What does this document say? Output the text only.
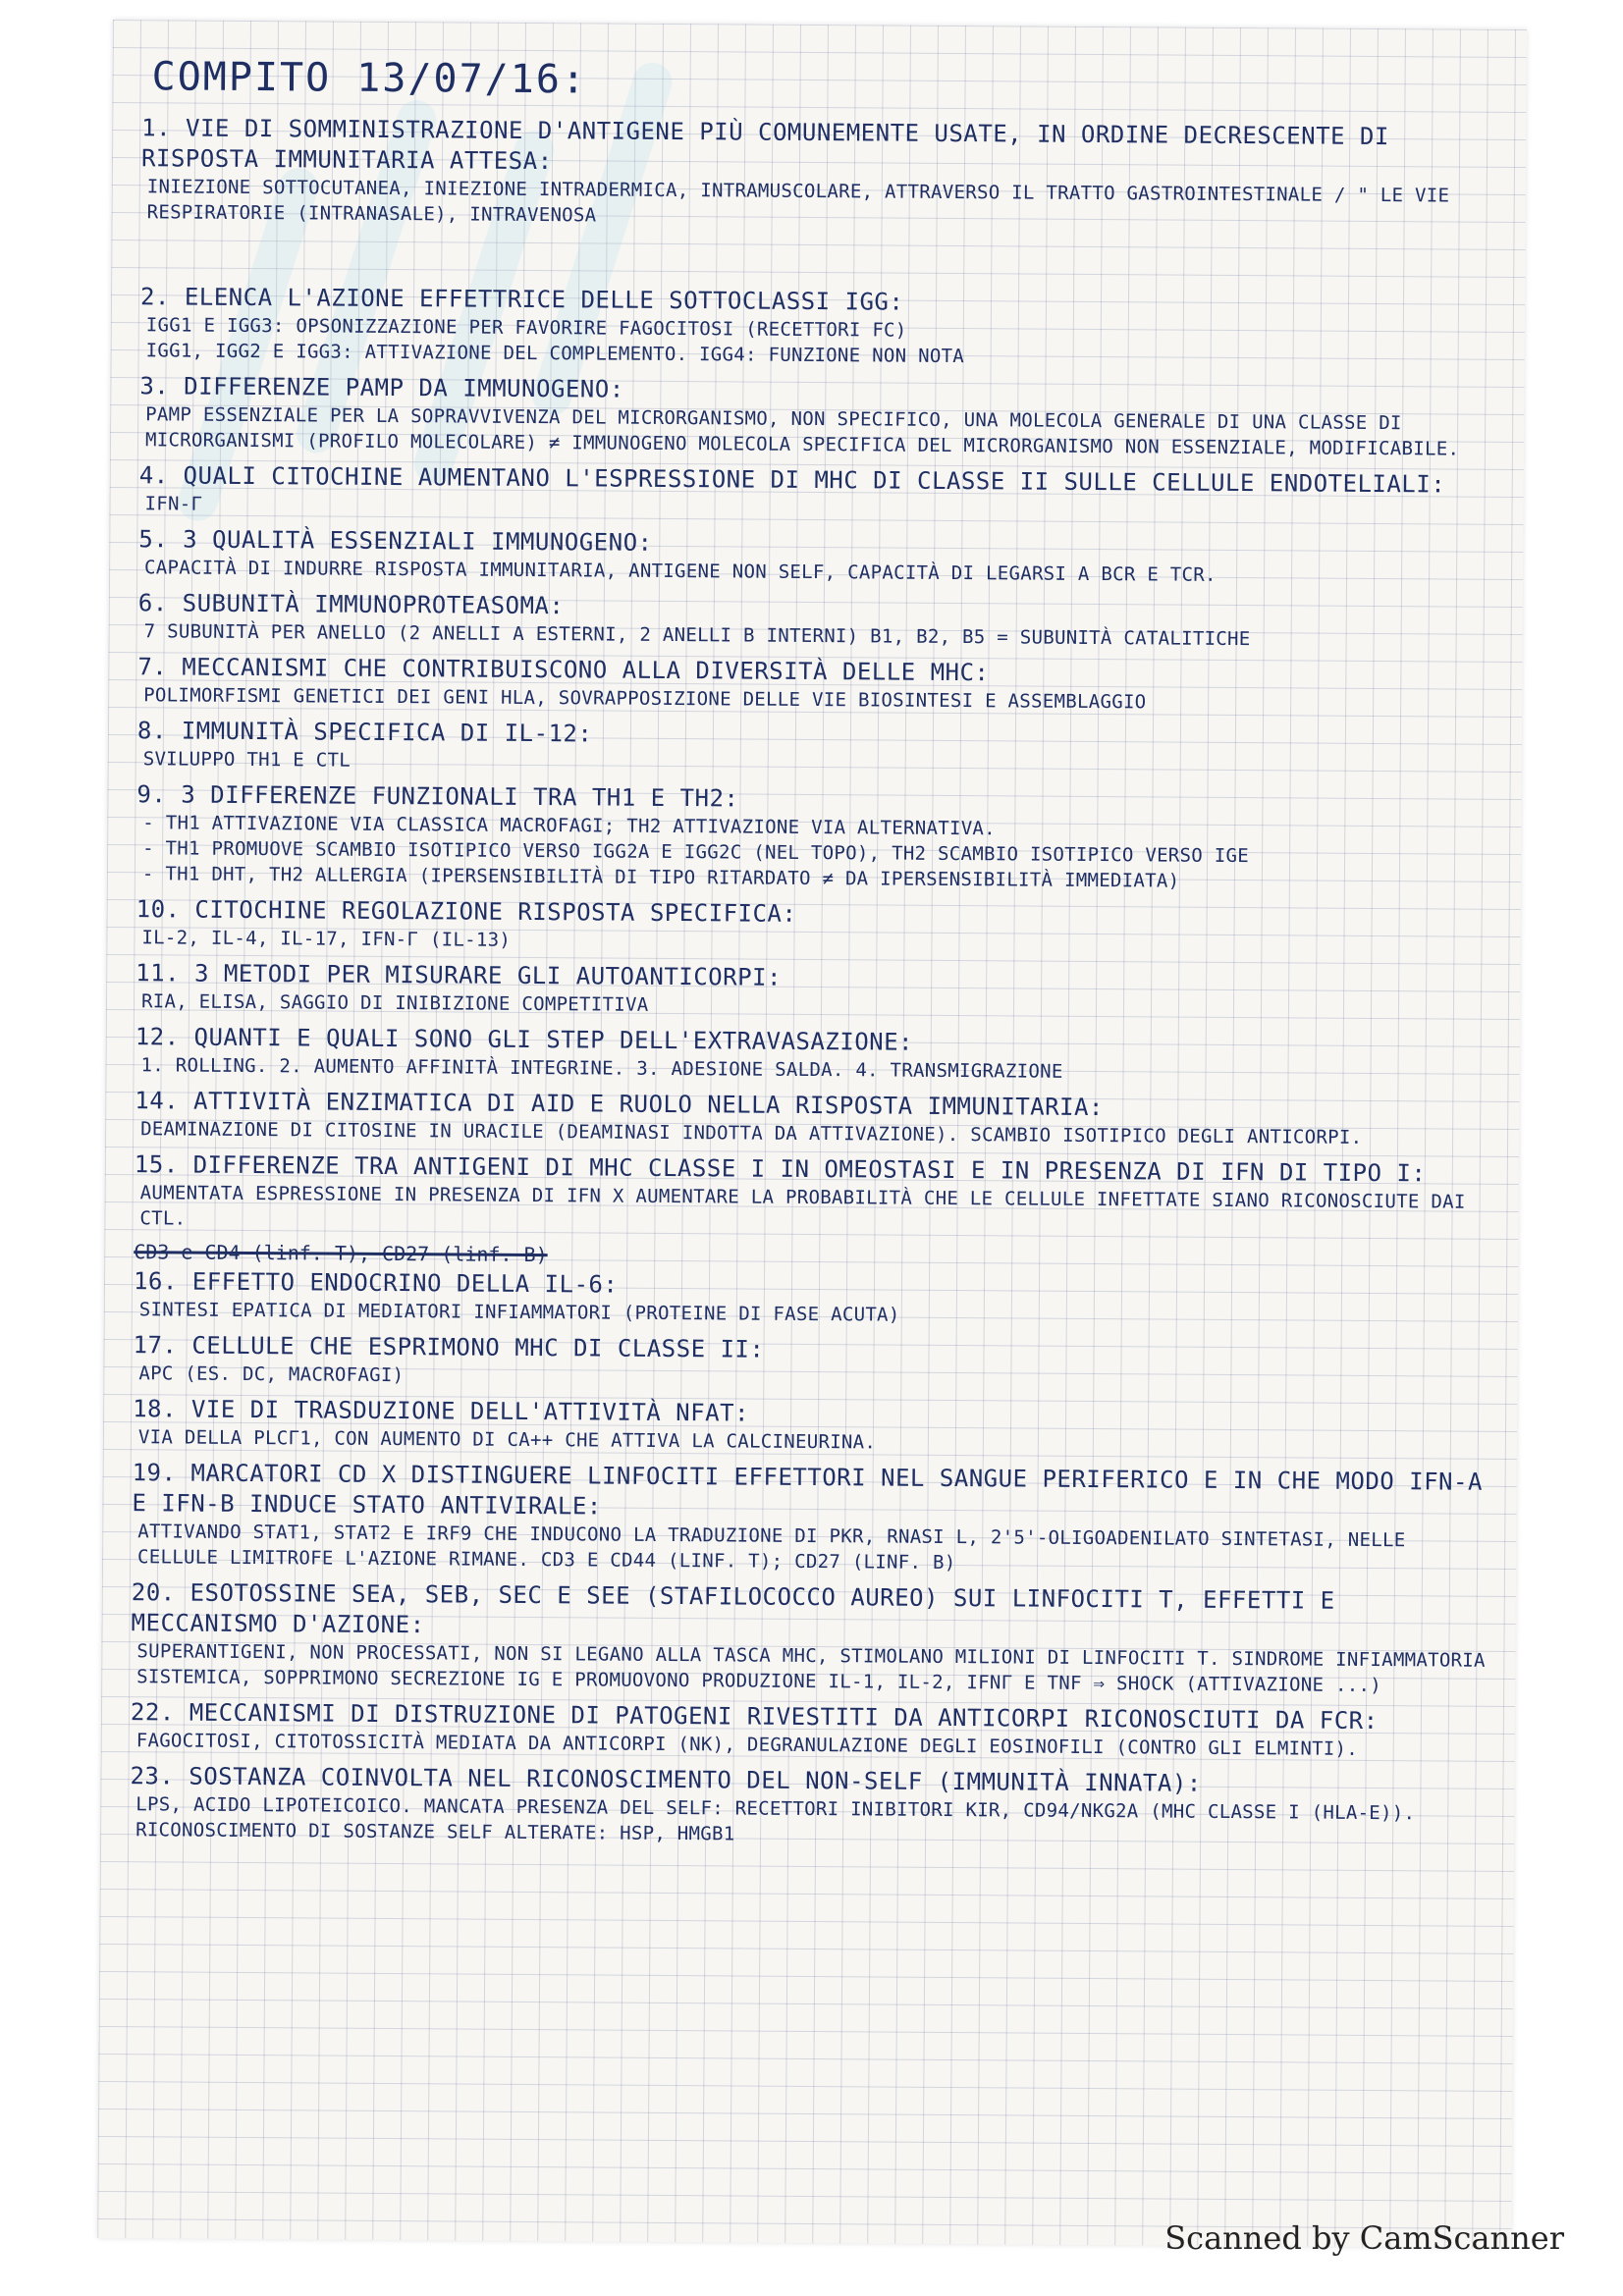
COMPITO 13/07/16:

1. VIE DI SOMMINISTRAZIONE D'ANTIGENE PIÙ COMUNEMENTE USATE, IN ORDINE DECRESCENTE DI RISPOSTA IMMUNITARIA ATTESA:

INIEZIONE SOTTOCUTANEA, INIEZIONE INTRADERMICA, INTRAMUSCOLARE, ATTRAVERSO IL TRATTO GASTROINTESTINALE / " LE VIE RESPIRATORIE (INTRANASALE), INTRAVENOSA

2. ELENCA L'AZIONE EFFETTRICE DELLE SOTTOCLASSI IGG:

IGG1 E IGG3: OPSONIZZAZIONE PER FAVORIRE FAGOCITOSI (RECETTORI FC)
IGG1, IGG2 E IGG3: ATTIVAZIONE DEL COMPLEMENTO. IGG4: FUNZIONE NON NOTA

3. DIFFERENZE PAMP DA IMMUNOGENO:

PAMP ESSENZIALE PER LA SOPRAVVIVENZA DEL MICRORGANISMO, NON SPECIFICO, UNA MOLECOLA GENERALE DI UNA CLASSE DI MICRORGANISMI (PROFILO MOLECOLARE) ≠ IMMUNOGENO MOLECOLA SPECIFICA DEL MICRORGANISMO NON ESSENZIALE, MODIFICABILE.

4. QUALI CITOCHINE AUMENTANO L'ESPRESSIONE DI MHC DI CLASSE II SULLE CELLULE ENDOTELIALI:

IFN-Γ

5. 3 QUALITÀ ESSENZIALI IMMUNOGENO:

CAPACITÀ DI INDURRE RISPOSTA IMMUNITARIA, ANTIGENE NON SELF, CAPACITÀ DI LEGARSI A BCR E TCR.

6. SUBUNITÀ IMMUNOPROTEASOMA:

7 SUBUNITÀ PER ANELLO (2 ANELLI Α ESTERNI, 2 ANELLI Β INTERNI) Β1, Β2, Β5 = SUBUNITÀ CATALITICHE

7. MECCANISMI CHE CONTRIBUISCONO ALLA DIVERSITÀ DELLE MHC:

POLIMORFISMI GENETICI DEI GENI HLA, SOVRAPPOSIZIONE DELLE VIE BIOSINTESI E ASSEMBLAGGIO

8. IMMUNITÀ SPECIFICA DI IL-12:

SVILUPPO TH1 E CTL

9. 3 DIFFERENZE FUNZIONALI TRA TH1 E TH2:

- TH1 ATTIVAZIONE VIA CLASSICA MACROFAGI; TH2 ATTIVAZIONE VIA ALTERNATIVA.
- TH1 PROMUOVE SCAMBIO ISOTIPICO VERSO IGG2A E IGG2C (NEL TOPO), TH2 SCAMBIO ISOTIPICO VERSO IGE
- TH1 DHT, TH2 ALLERGIA (IPERSENSIBILITÀ DI TIPO RITARDATO ≠ DA IPERSENSIBILITÀ IMMEDIATA)

10. CITOCHINE REGOLAZIONE RISPOSTA SPECIFICA:

IL-2, IL-4, IL-17, IFN-Γ (IL-13)

11. 3 METODI PER MISURARE GLI AUTOANTICORPI:

RIA, ELISA, SAGGIO DI INIBIZIONE COMPETITIVA

12. QUANTI E QUALI SONO GLI STEP DELL'EXTRAVASAZIONE:

1. ROLLING. 2. AUMENTO AFFINITÀ INTEGRINE. 3. ADESIONE SALDA. 4. TRANSMIGRAZIONE

14. ATTIVITÀ ENZIMATICA DI AID E RUOLO NELLA RISPOSTA IMMUNITARIA:

DEAMINAZIONE DI CITOSINE IN URACILE (DEAMINASI INDOTTA DA ATTIVAZIONE). SCAMBIO ISOTIPICO DEGLI ANTICORPI.

15. DIFFERENZE TRA ANTIGENI DI MHC CLASSE I IN OMEOSTASI E IN PRESENZA DI IFN DI TIPO I:

AUMENTATA ESPRESSIONE IN PRESENZA DI IFN X AUMENTARE LA PROBABILITÀ CHE LE CELLULE INFETTATE SIANO RICONOSCIUTE DAI CTL.

CD3 e CD4 (linf. T), CD27 (linf. B)

16. EFFETTO ENDOCRINO DELLA IL-6:

SINTESI EPATICA DI MEDIATORI INFIAMMATORI (PROTEINE DI FASE ACUTA)

17. CELLULE CHE ESPRIMONO MHC DI CLASSE II:

APC (ES. DC, MACROFAGI)

18. VIE DI TRASDUZIONE DELL'ATTIVITÀ NFAT:

VIA DELLA PLCΓ1, CON AUMENTO DI CA++ CHE ATTIVA LA CALCINEURINA.

19. MARCATORI CD X DISTINGUERE LINFOCITI EFFETTORI NEL SANGUE PERIFERICO E IN CHE MODO IFN-Α E IFN-Β INDUCE STATO ANTIVIRALE:

ATTIVANDO STAT1, STAT2 E IRF9 CHE INDUCONO LA TRADUZIONE DI PKR, RNASI L, 2'5'-OLIGOADENILATO SINTETASI, NELLE CELLULE LIMITROFE L'AZIONE RIMANE. CD3 E CD44 (LINF. T); CD27 (LINF. B)

20. ESOTOSSINE SEA, SEB, SEC E SEE (STAFILOCOCCO AUREO) SUI LINFOCITI T, EFFETTI E MECCANISMO D'AZIONE:

SUPERANTIGENI, NON PROCESSATI, NON SI LEGANO ALLA TASCA MHC, STIMOLANO MILIONI DI LINFOCITI T. SINDROME INFIAMMATORIA SISTEMICA, SOPPRIMONO SECREZIONE IG E PROMUOVONO PRODUZIONE IL-1, IL-2, IFNΓ E TNF ⇒ SHOCK (ATTIVAZIONE ...)

22. MECCANISMI DI DISTRUZIONE DI PATOGENI RIVESTITI DA ANTICORPI RICONOSCIUTI DA FCR:

FAGOCITOSI, CITOTOSSICITÀ MEDIATA DA ANTICORPI (NK), DEGRANULAZIONE DEGLI EOSINOFILI (CONTRO GLI ELMINTI).

23. SOSTANZA COINVOLTA NEL RICONOSCIMENTO DEL NON-SELF (IMMUNITÀ INNATA):

LPS, ACIDO LIPOTEICOICO. MANCATA PRESENZA DEL SELF: RECETTORI INIBITORI KIR, CD94/NKG2A (MHC CLASSE I (HLA-E)). RICONOSCIMENTO DI SOSTANZE SELF ALTERATE: HSP, HMGB1

Scanned by CamScanner
